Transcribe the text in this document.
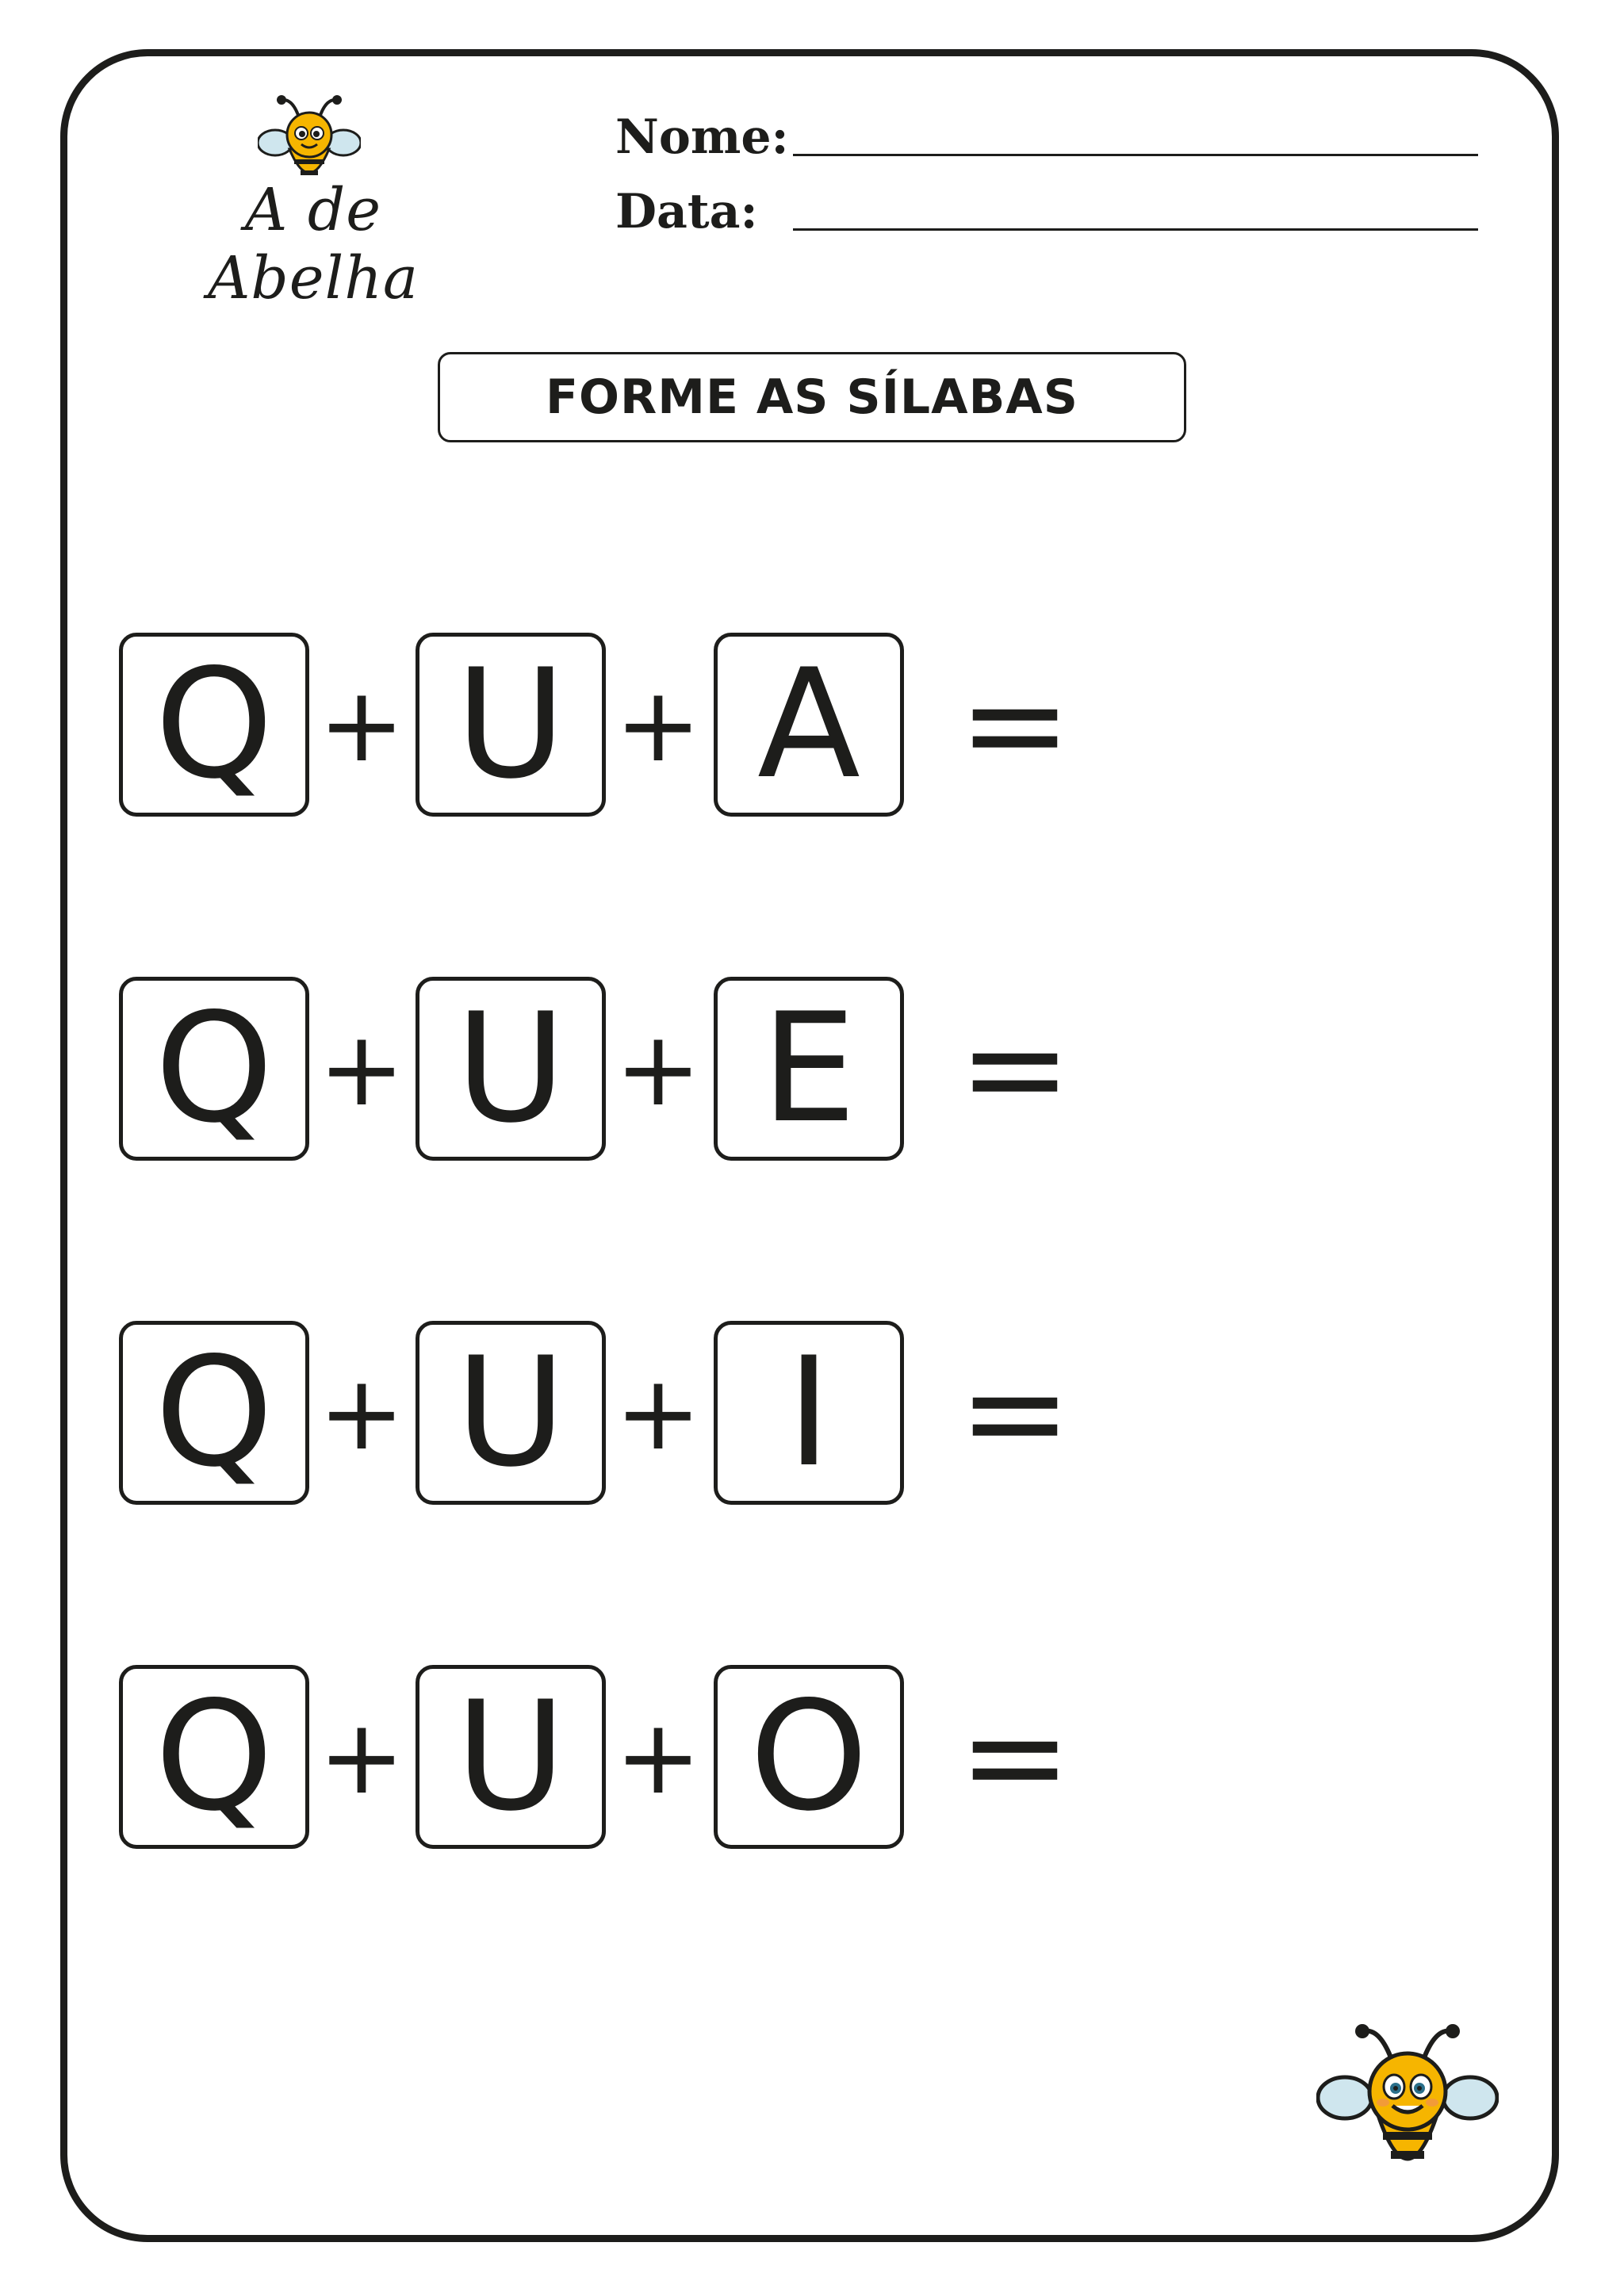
A de Abelha
Nome:
Data:
FORME AS SÍLABAS
Q + U + A =
Q + U + E =
Q + U + I =
Q + U + O =
